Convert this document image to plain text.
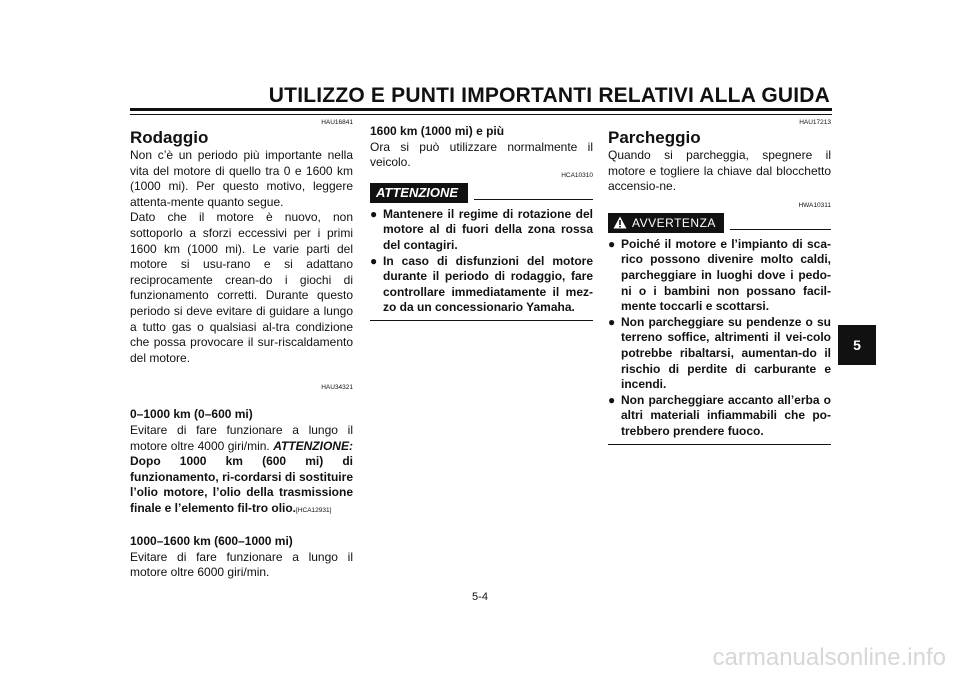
UTILIZZO E PUNTI IMPORTANTI RELATIVI ALLA GUIDA
5
HAU16841
Rodaggio

Non c’è un periodo più importante nella vita del motore di quello tra 0 e 1600 km (1000 mi). Per questo motivo, leggere attenta-mente quanto segue.

Dato che il motore è nuovo, non sottoporlo a sforzi eccessivi per i primi 1600 km (1000 mi). Le varie parti del motore si usu-rano e si adattano reciprocamente crean-do i giochi di funzionamento corretti. Durante questo periodo si deve evitare di guidare a lungo a tutto gas o qualsiasi al-tra condizione che possa provocare il sur-riscaldamento del motore.

HAU34321
0–1000 km (0–600 mi)

Evitare di fare funzionare a lungo il motore oltre 4000 giri/min. ATTENZIONE: Dopo 1000 km (600 mi) di funzionamento, ri-cordarsi di sostituire l’olio motore, l’olio della trasmissione finale e l’elemento fil-tro olio.[HCA12931]

1000–1600 km (600–1000 mi)

Evitare di fare funzionare a lungo il motore oltre 6000 giri/min.

1600 km (1000 mi) e più

Ora si può utilizzare normalmente il veicolo.

HCA10310
ATTENZIONE
● Mantenere il regime di rotazione del motore al di fuori della zona rossa del contagiri.
● In caso di disfunzioni del motore durante il periodo di rodaggio, fare controllare immediatamente il mez-zo da un concessionario Yamaha.
HAU17213
Parcheggio

Quando si parcheggia, spegnere il motore e togliere la chiave dal blocchetto accensio-ne.

HWA10311
AVVERTENZA
● Poiché il motore e l’impianto di sca-rico possono divenire molto caldi, parcheggiare in luoghi dove i pedo-ni o i bambini non possano facil-mente toccarli e scottarsi.
● Non parcheggiare su pendenze o su terreno soffice, altrimenti il vei-colo potrebbe ribaltarsi, aumentan-do il rischio di perdite di carburante e incendi.
● Non parcheggiare accanto all’erba o altri materiali infiammabili che po-trebbero prendere fuoco.
5-4
carmanualsonline.info
